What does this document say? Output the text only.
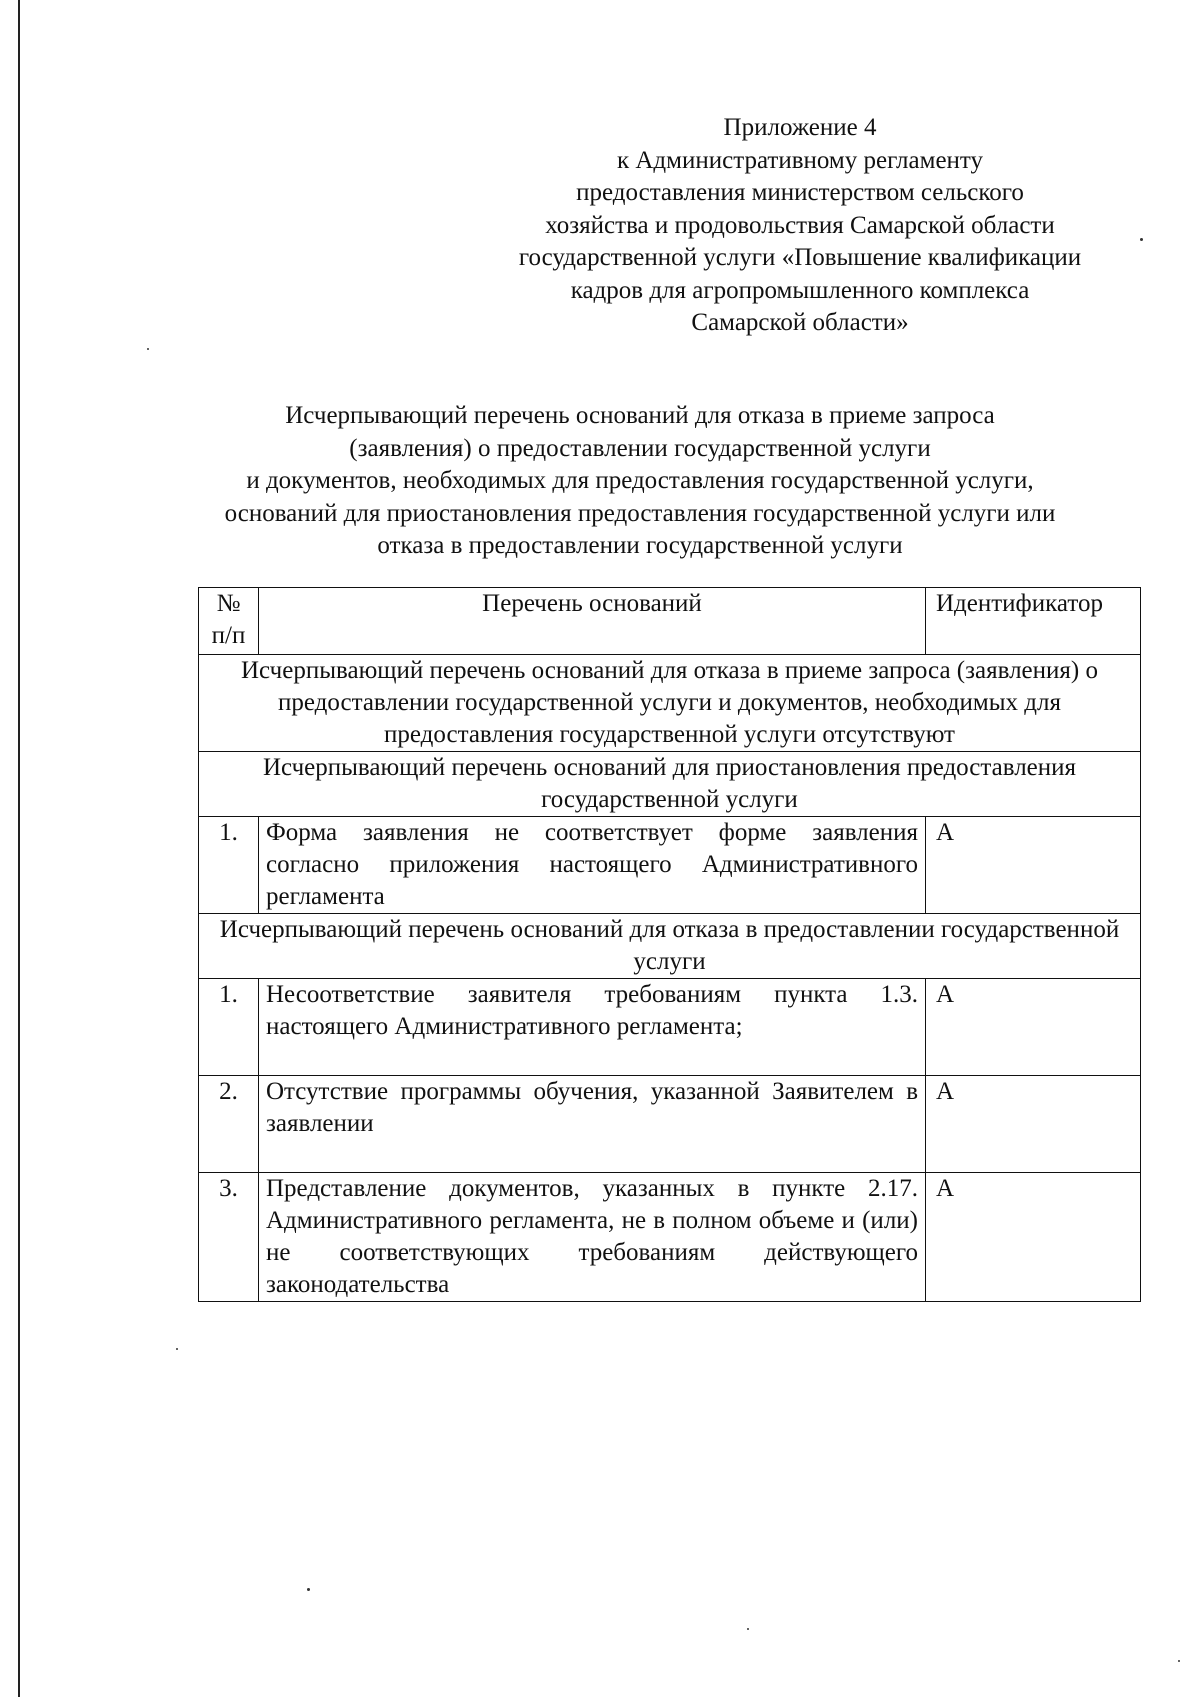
Приложение 4
к Административному регламенту
предоставления министерством сельского
хозяйства и продовольствия Самарской области
государственной услуги «Повышение квалификации
кадров для агропромышленного комплекса
Самарской области»
Исчерпывающий перечень оснований для отказа в приеме запроса
(заявления) о предоставлении государственной услуги
и документов, необходимых для предоставления государственной услуги,
оснований для приостановления предоставления государственной услуги или
отказа в предоставлении государственной услуги
№ п/п	Перечень оснований	Идентификатор
Исчерпывающий перечень оснований для отказа в приеме запроса (заявления) о предоставлении государственной услуги и документов, необходимых для предоставления государственной услуги отсутствуют		
Исчерпывающий перечень оснований для приостановления предоставления государственной услуги		
1.	Форма заявления не соответствует форме заявления согласно приложения настоящего Административного регламента	А
Исчерпывающий перечень оснований для отказа в предоставлении государственной услуги		
1.	Несоответствие заявителя требованиям пункта 1.3. настоящего Административного регламента;	А
2.	Отсутствие программы обучения, указанной Заявителем в заявлении	А
3.	Представление документов, указанных в пункте 2.17. Административного регламента, не в полном объеме и (или) не соответствующих требованиям действующего законодательства	А
